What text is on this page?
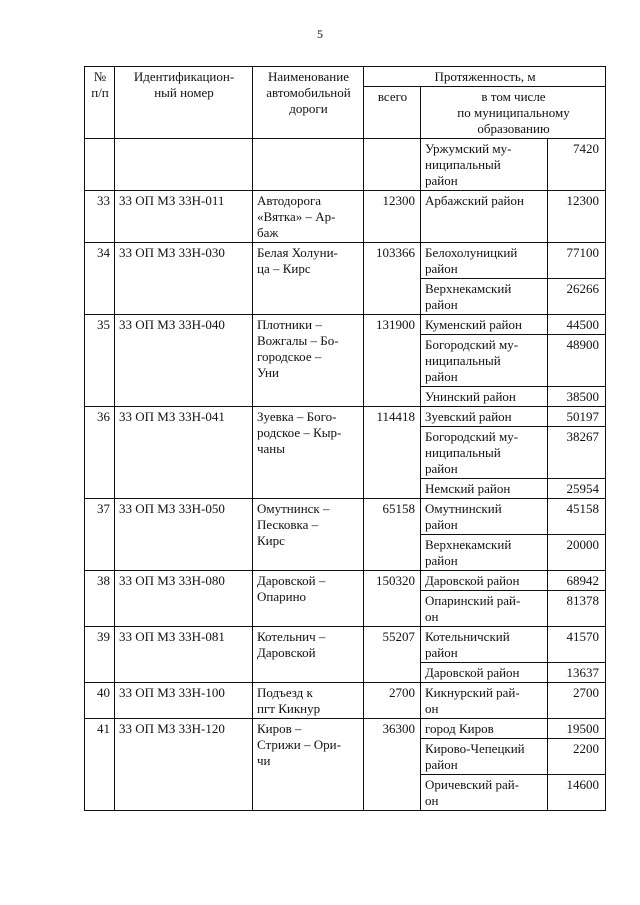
5
№
п/п	Идентификацион-
ный номер	Наименование
автомобильной
дороги	Протяженность, м		
			всего	в том числе
по муниципальному
образованию	
				Уржумский му-
ниципальный
район	7420
33	33 ОП МЗ 33Н-011	Автодорога
«Вятка» – Ар-
баж	12300	Арбажский район	12300
34	33 ОП МЗ 33Н-030	Белая Холуни-
ца – Кирс	103366	Белохолуницкий
район	77100
				Верхнекамский
район	26266
35	33 ОП МЗ 33Н-040	Плотники –
Вожгалы – Бо-
городское –
Уни	131900	Куменский район	44500
				Богородский му-
ниципальный
район	48900
				Унинский район	38500
36	33 ОП МЗ 33Н-041	Зуевка – Бого-
родское – Кыр-
чаны	114418	Зуевский район	50197
				Богородский му-
ниципальный
район	38267
				Немский район	25954
37	33 ОП МЗ 33Н-050	Омутнинск –
Песковка –
Кирс	65158	Омутнинский
район	45158
				Верхнекамский
район	20000
38	33 ОП МЗ 33Н-080	Даровской –
Опарино	150320	Даровской район	68942
				Опаринский рай-
он	81378
39	33 ОП МЗ 33Н-081	Котельнич –
Даровской	55207	Котельничский
район	41570
				Даровской район	13637
40	33 ОП МЗ 33Н-100	Подъезд к
пгт Кикнур	2700	Кикнурский рай-
он	2700
41	33 ОП МЗ 33Н-120	Киров –
Стрижи – Ори-
чи	36300	город Киров	19500
				Кирово-Чепецкий
район	2200
				Оричевский рай-
он	14600
